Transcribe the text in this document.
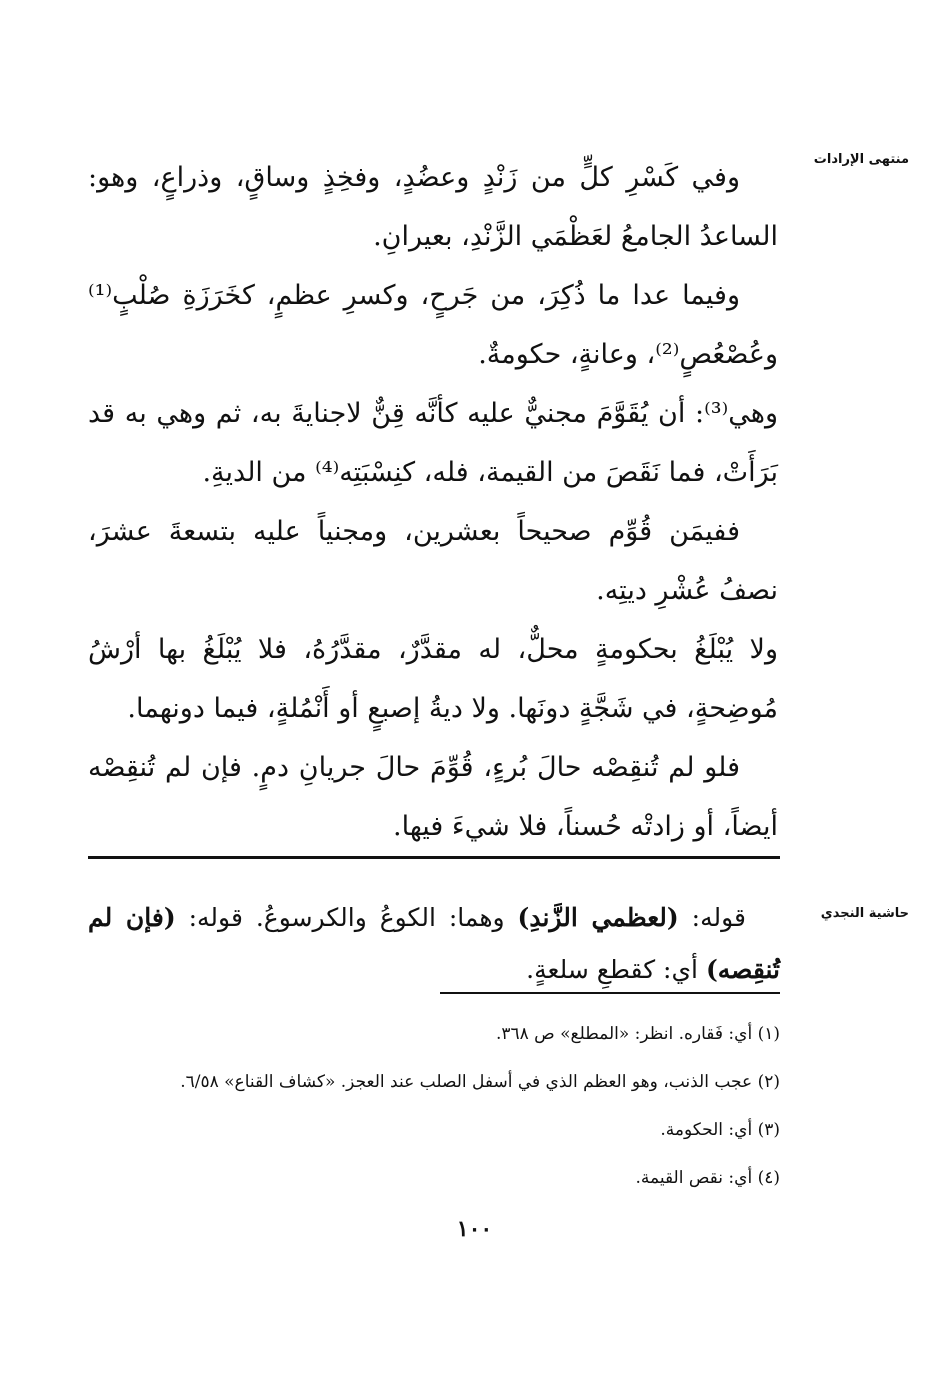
منتهى الإرادات

وفي كَسْرِ كلٍّ من زَنْدٍ وعضُدٍ، وفخِذٍ وساقٍ، وذراعٍ، وهو: الساعدُ الجامعُ لعَظْمَي الزَّنْدِ، بعيرانِ.

وفيما عدا ما ذُكِرَ، من جَرحٍ، وكسرِ عظمٍ، كخَرَزَةِ صُلْبٍ⁽¹⁾ وعُصْعُصٍ⁽²⁾، وعانةٍ، حكومةٌ.

وهي⁽³⁾: أن يُقَوَّمَ مجنيٌّ عليه كأنَّه قِنٌّ لاجنايةَ به، ثم وهي به قد بَرَأَتْ، فما نَقَصَ من القيمة، فله، كنِسْبَتِه⁽⁴⁾ من الديةِ.

ففيمَن قُوِّم صحيحاً بعشرين، ومجنياً عليه بتسعةَ عشرَ، نصفُ عُشْرِ ديتِه.

ولا يُبْلَغُ بحكومةٍ محلٌّ، له مقدَّرٌ، مقدَّرُهُ، فلا يُبْلَغُ بها أرْشُ مُوضِحةٍ، في شَجَّةٍ دونَها. ولا ديةُ إصبعٍ أو أَنْمُلةٍ، فيما دونهما.

فلو لم تُنقِصْه حالَ بُرءٍ، قُوِّمَ حالَ جريانِ دمٍ. فإن لم تُنقِصْه أيضاً، أو زادتْه حُسناً، فلا شيءَ فيها.

حاشية النجدي

قوله: (لعظمي الزَّندِ) وهما: الكوعُ والكرسوعُ. قوله: (فإن لم تُنقِصه) أي: كقطعِ سلعةٍ.

(١) أي: فَقاره. انظر: «المطلع» ص ٣٦٨.

(٢) عجب الذنب، وهو العظم الذي في أسفل الصلب عند العجز. «كشاف القناع» ٦/٥٨.

(٣) أي: الحكومة.

(٤) أي: نقص القيمة.

١٠٠
